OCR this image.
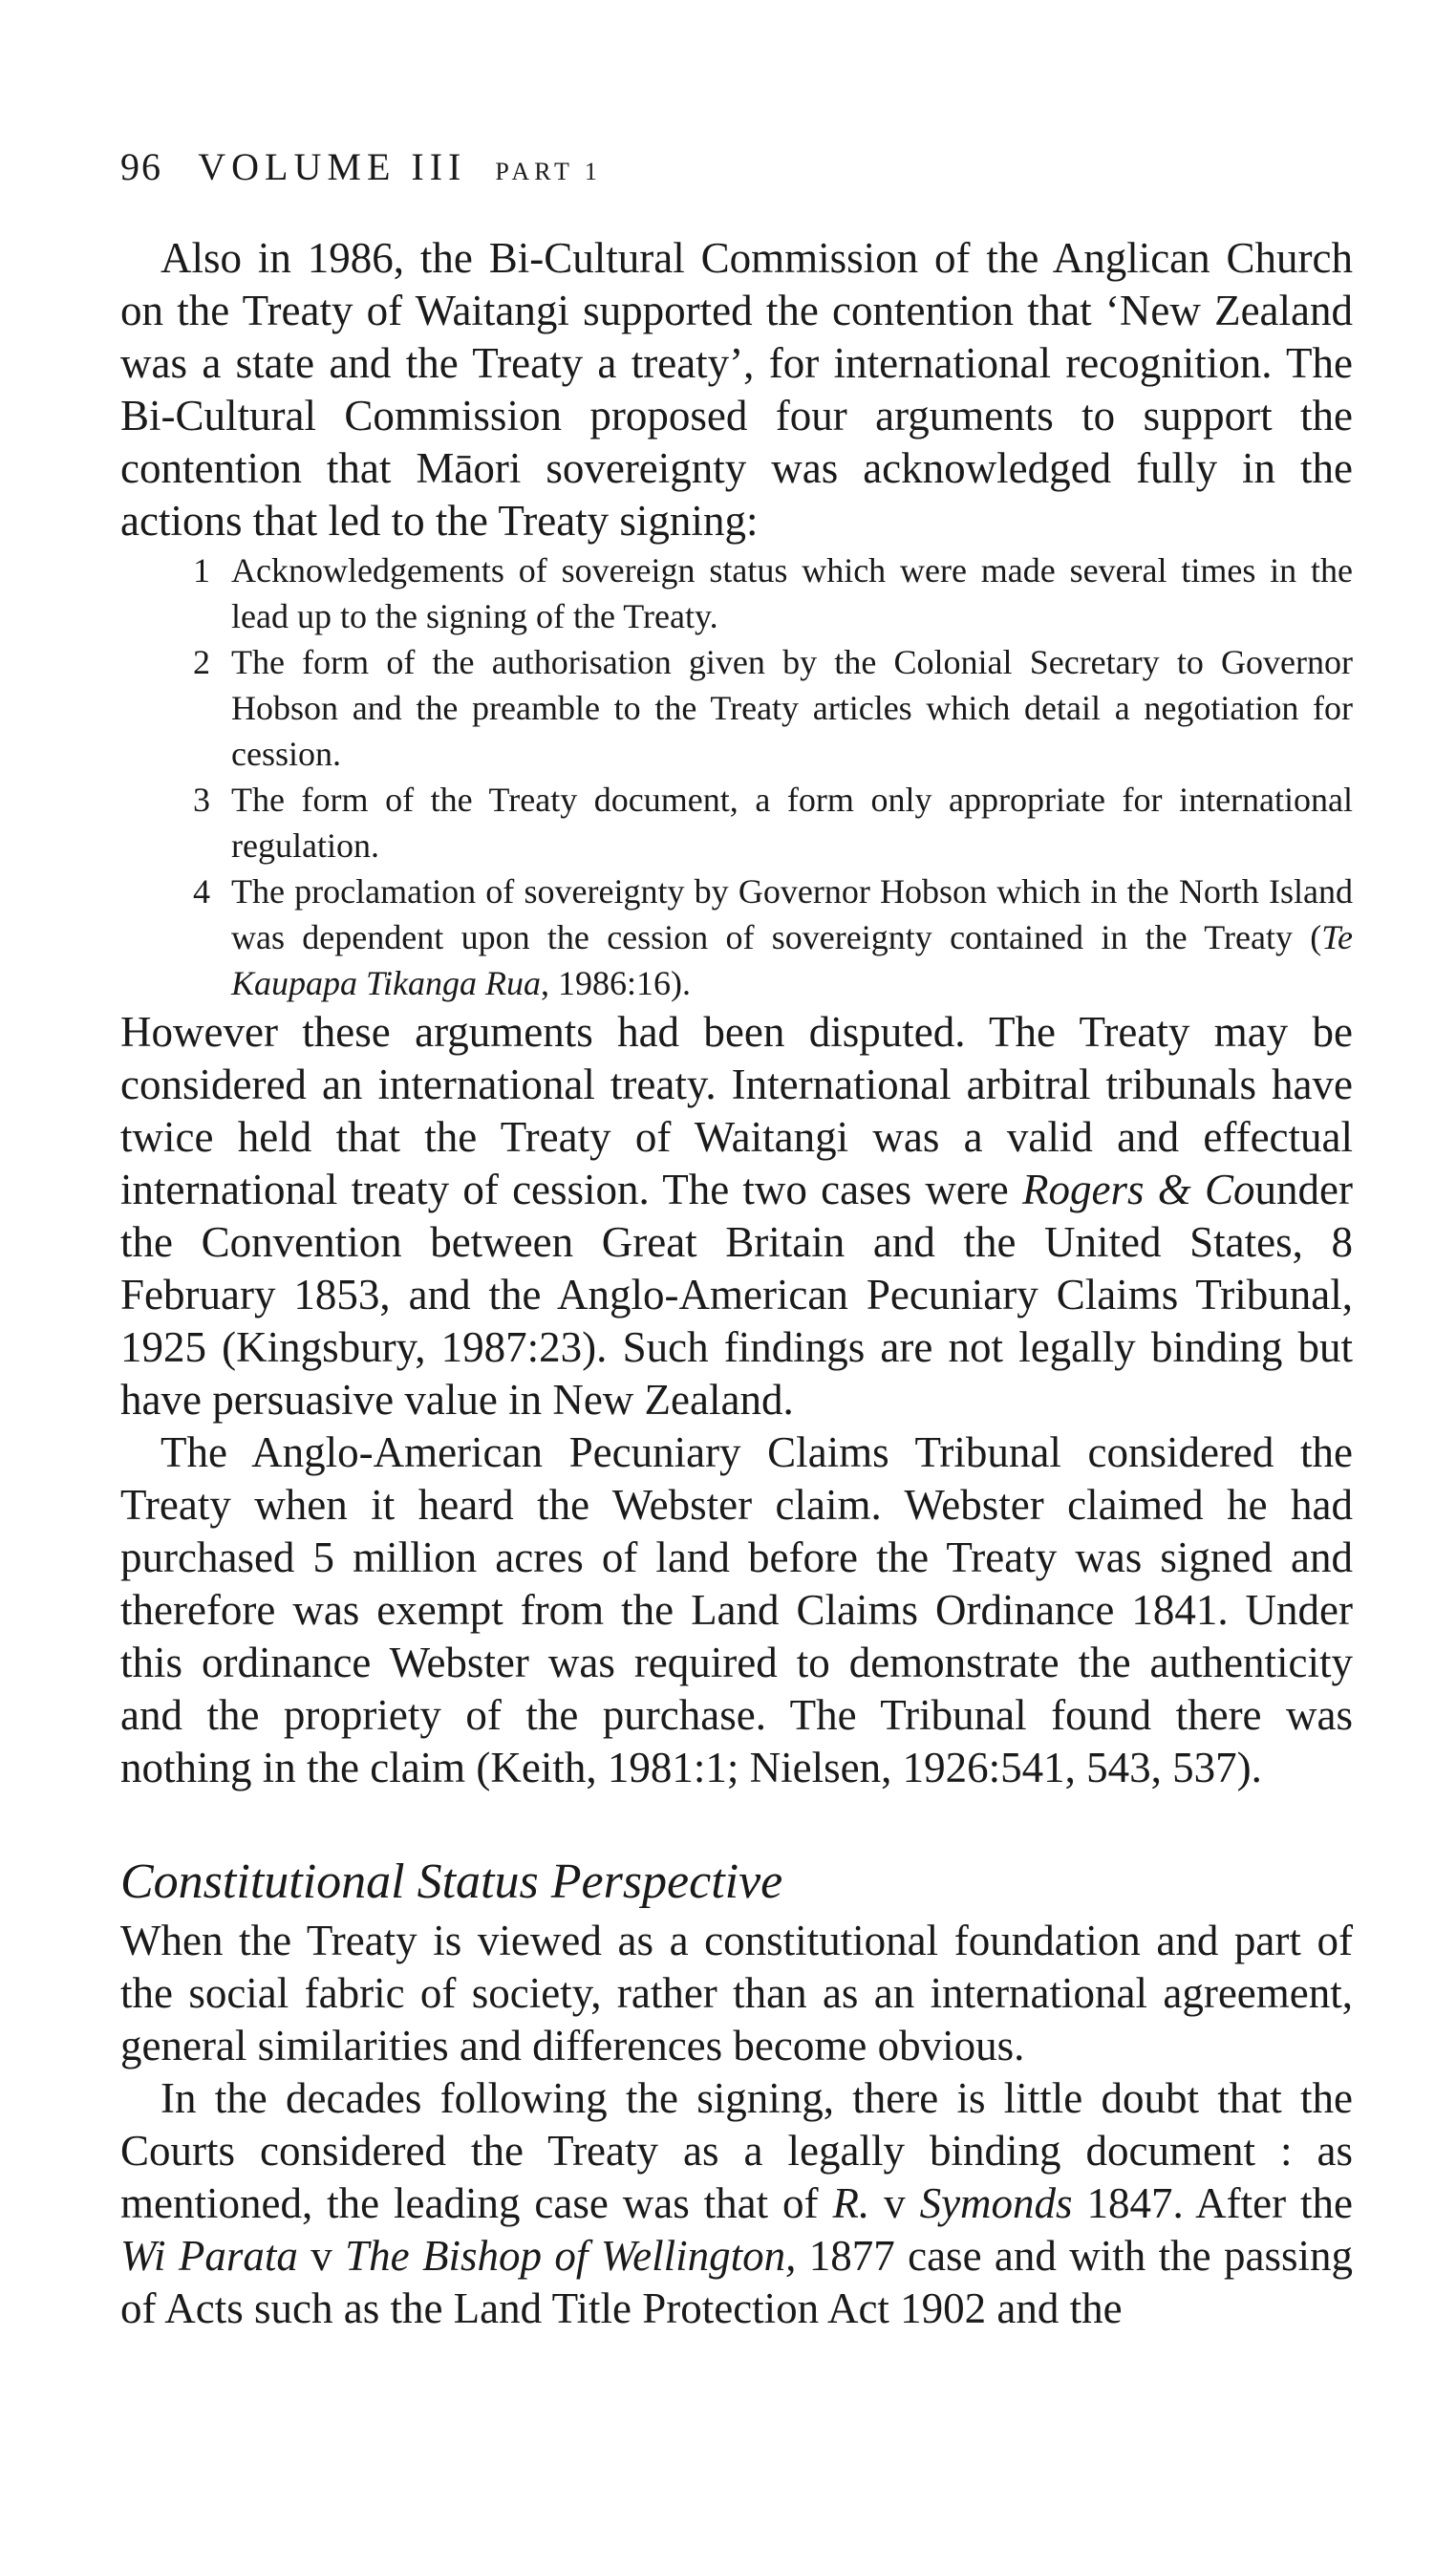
96 VOLUME III PART 1

Also in 1986, the Bi-Cultural Commission of the Anglican Church on the Treaty of Waitangi supported the contention that ‘New Zealand was a state and the Treaty a treaty’, for international recognition. The Bi-Cultural Commission proposed four arguments to support the contention that Māori sovereignty was acknowledged fully in the actions that led to the Treaty signing:

1 Acknowledgements of sovereign status which were made several times in the lead up to the signing of the Treaty.
2 The form of the authorisation given by the Colonial Secretary to Governor Hobson and the preamble to the Treaty articles which detail a negotiation for cession.
3 The form of the Treaty document, a form only appropriate for international regulation.
4 The proclamation of sovereignty by Governor Hobson which in the North Island was dependent upon the cession of sovereignty contained in the Treaty (Te Kaupapa Tikanga Rua, 1986:16).

However these arguments had been disputed. The Treaty may be considered an international treaty. International arbitral tribunals have twice held that the Treaty of Waitangi was a valid and effectual international treaty of cession. The two cases were Rogers & Counder the Convention between Great Britain and the United States, 8 February 1853, and the Anglo-American Pecuniary Claims Tribunal, 1925 (Kingsbury, 1987:23). Such findings are not legally binding but have persuasive value in New Zealand.

The Anglo-American Pecuniary Claims Tribunal considered the Treaty when it heard the Webster claim. Webster claimed he had purchased 5 million acres of land before the Treaty was signed and therefore was exempt from the Land Claims Ordinance 1841. Under this ordinance Webster was required to demonstrate the authenticity and the propriety of the purchase. The Tribunal found there was nothing in the claim (Keith, 1981:1; Nielsen, 1926:541, 543, 537).

Constitutional Status Perspective

When the Treaty is viewed as a constitutional foundation and part of the social fabric of society, rather than as an international agreement, general similarities and differences become obvious.

In the decades following the signing, there is little doubt that the Courts considered the Treaty as a legally binding document : as mentioned, the leading case was that of R. v Symonds 1847. After the Wi Parata v The Bishop of Wellington, 1877 case and with the passing of Acts such as the Land Title Protection Act 1902 and the
